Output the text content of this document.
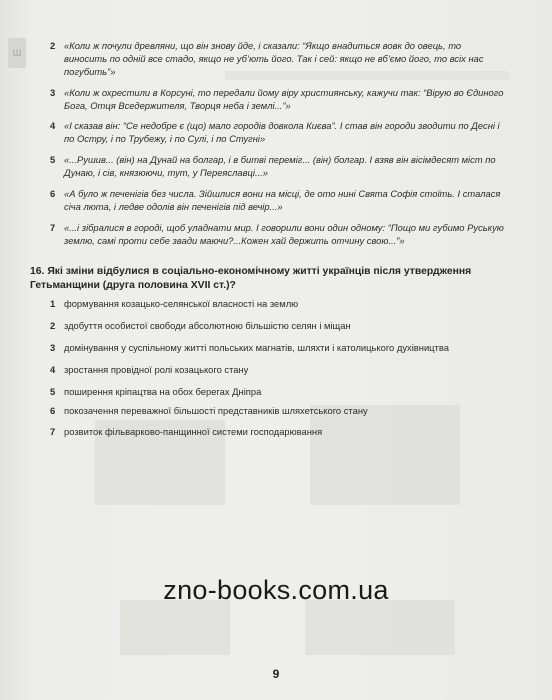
Ш
2 «Коли ж почули древляни, що він знову йде, і сказали: “Якщо внадиться вовк до овець, то виносить по одній все стадо, якщо не уб’ють його. Так і сей: якщо не вб’ємо його, то всіх нас погубить”»
3 «Коли ж охрестили в Корсуні, то передали йому віру християнську, кажучи так: “Вірую во Єдиного Бога, Отця Вседержителя, Творця неба і землі...”»
4 «І сказав він: “Се недобре є (що) мало городів довкола Києва”. І став він городи зводити по Десні і по Остру, і по Трубежу, і по Сулі, і по Стугні»
5 «...Рушив... (він) на Дунай на болгар, і в битві переміг... (він) болгар. І взяв він вісімдесят міст по Дунаю, і сів, князюючи, тут, у Переяславці...»
6 «А було ж печенігів без числа. Зійшлися вони на місці, де ото нині Свята Софія стоїть. І сталася січа люта, і ледве одолів він печенігів під вечір...»
7 «...і зібралися в городі, щоб уладнати мир. І говорили вони один одному: “Пощо ми губимо Руськую землю, самі проти себе звади маючи?...Кожен хай держить отчину свою...”»
16. Які зміни відбулися в соціально-економічному житті українців після утвердження Гетьманщини (друга половина XVII ст.)?
1 формування козацько-селянської власності на землю
2 здобуття особистої свободи абсолютною більшістю селян і міщан
3 домінування у суспільному житті польських магнатів, шляхти і католицького духівництва
4 зростання провідної ролі козацького стану
5 поширення кріпацтва на обох берегах Дніпра
6 покозачення переважної більшості представників шляхетського стану
7 розвиток фільварково-панщинної системи господарювання
zno-books.com.ua
9
